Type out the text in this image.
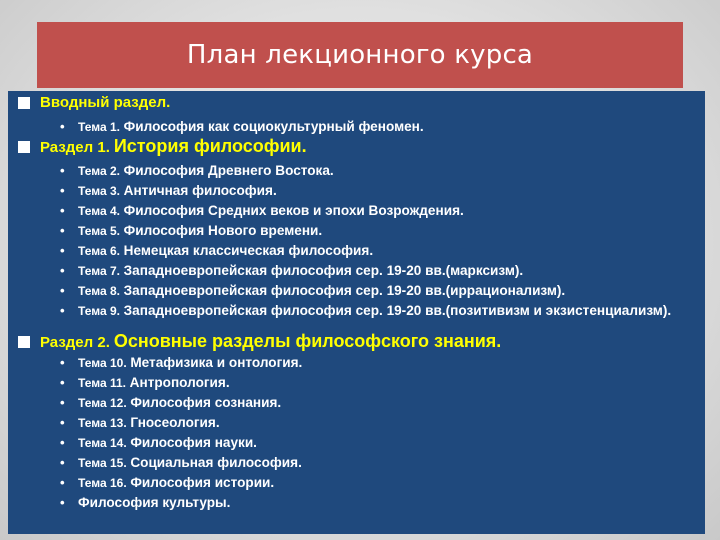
План лекционного курса
Вводный раздел.
• Тема 1. Философия как социокультурный феномен.
Раздел 1. История философии.
• Тема 2. Философия Древнего Востока.
• Тема 3. Античная философия.
• Тема 4. Философия Средних веков и эпохи Возрождения.
• Тема 5. Философия Нового времени.
• Тема 6. Немецкая классическая философия.
• Тема 7. Западноевропейская философия сер. 19-20 вв.(марксизм).
• Тема 8. Западноевропейская философия сер. 19-20 вв.(иррационализм).
• Тема 9. Западноевропейская философия сер. 19-20 вв.(позитивизм и экзистенциализм).
Раздел 2. Основные разделы философского знания.
• Тема 10. Метафизика и онтология.
• Тема 11. Антропология.
• Тема 12. Философия сознания.
• Тема 13. Гносеология.
• Тема 14. Философия науки.
• Тема 15. Социальная философия.
• Тема 16. Философия истории.
• Философия культуры.
